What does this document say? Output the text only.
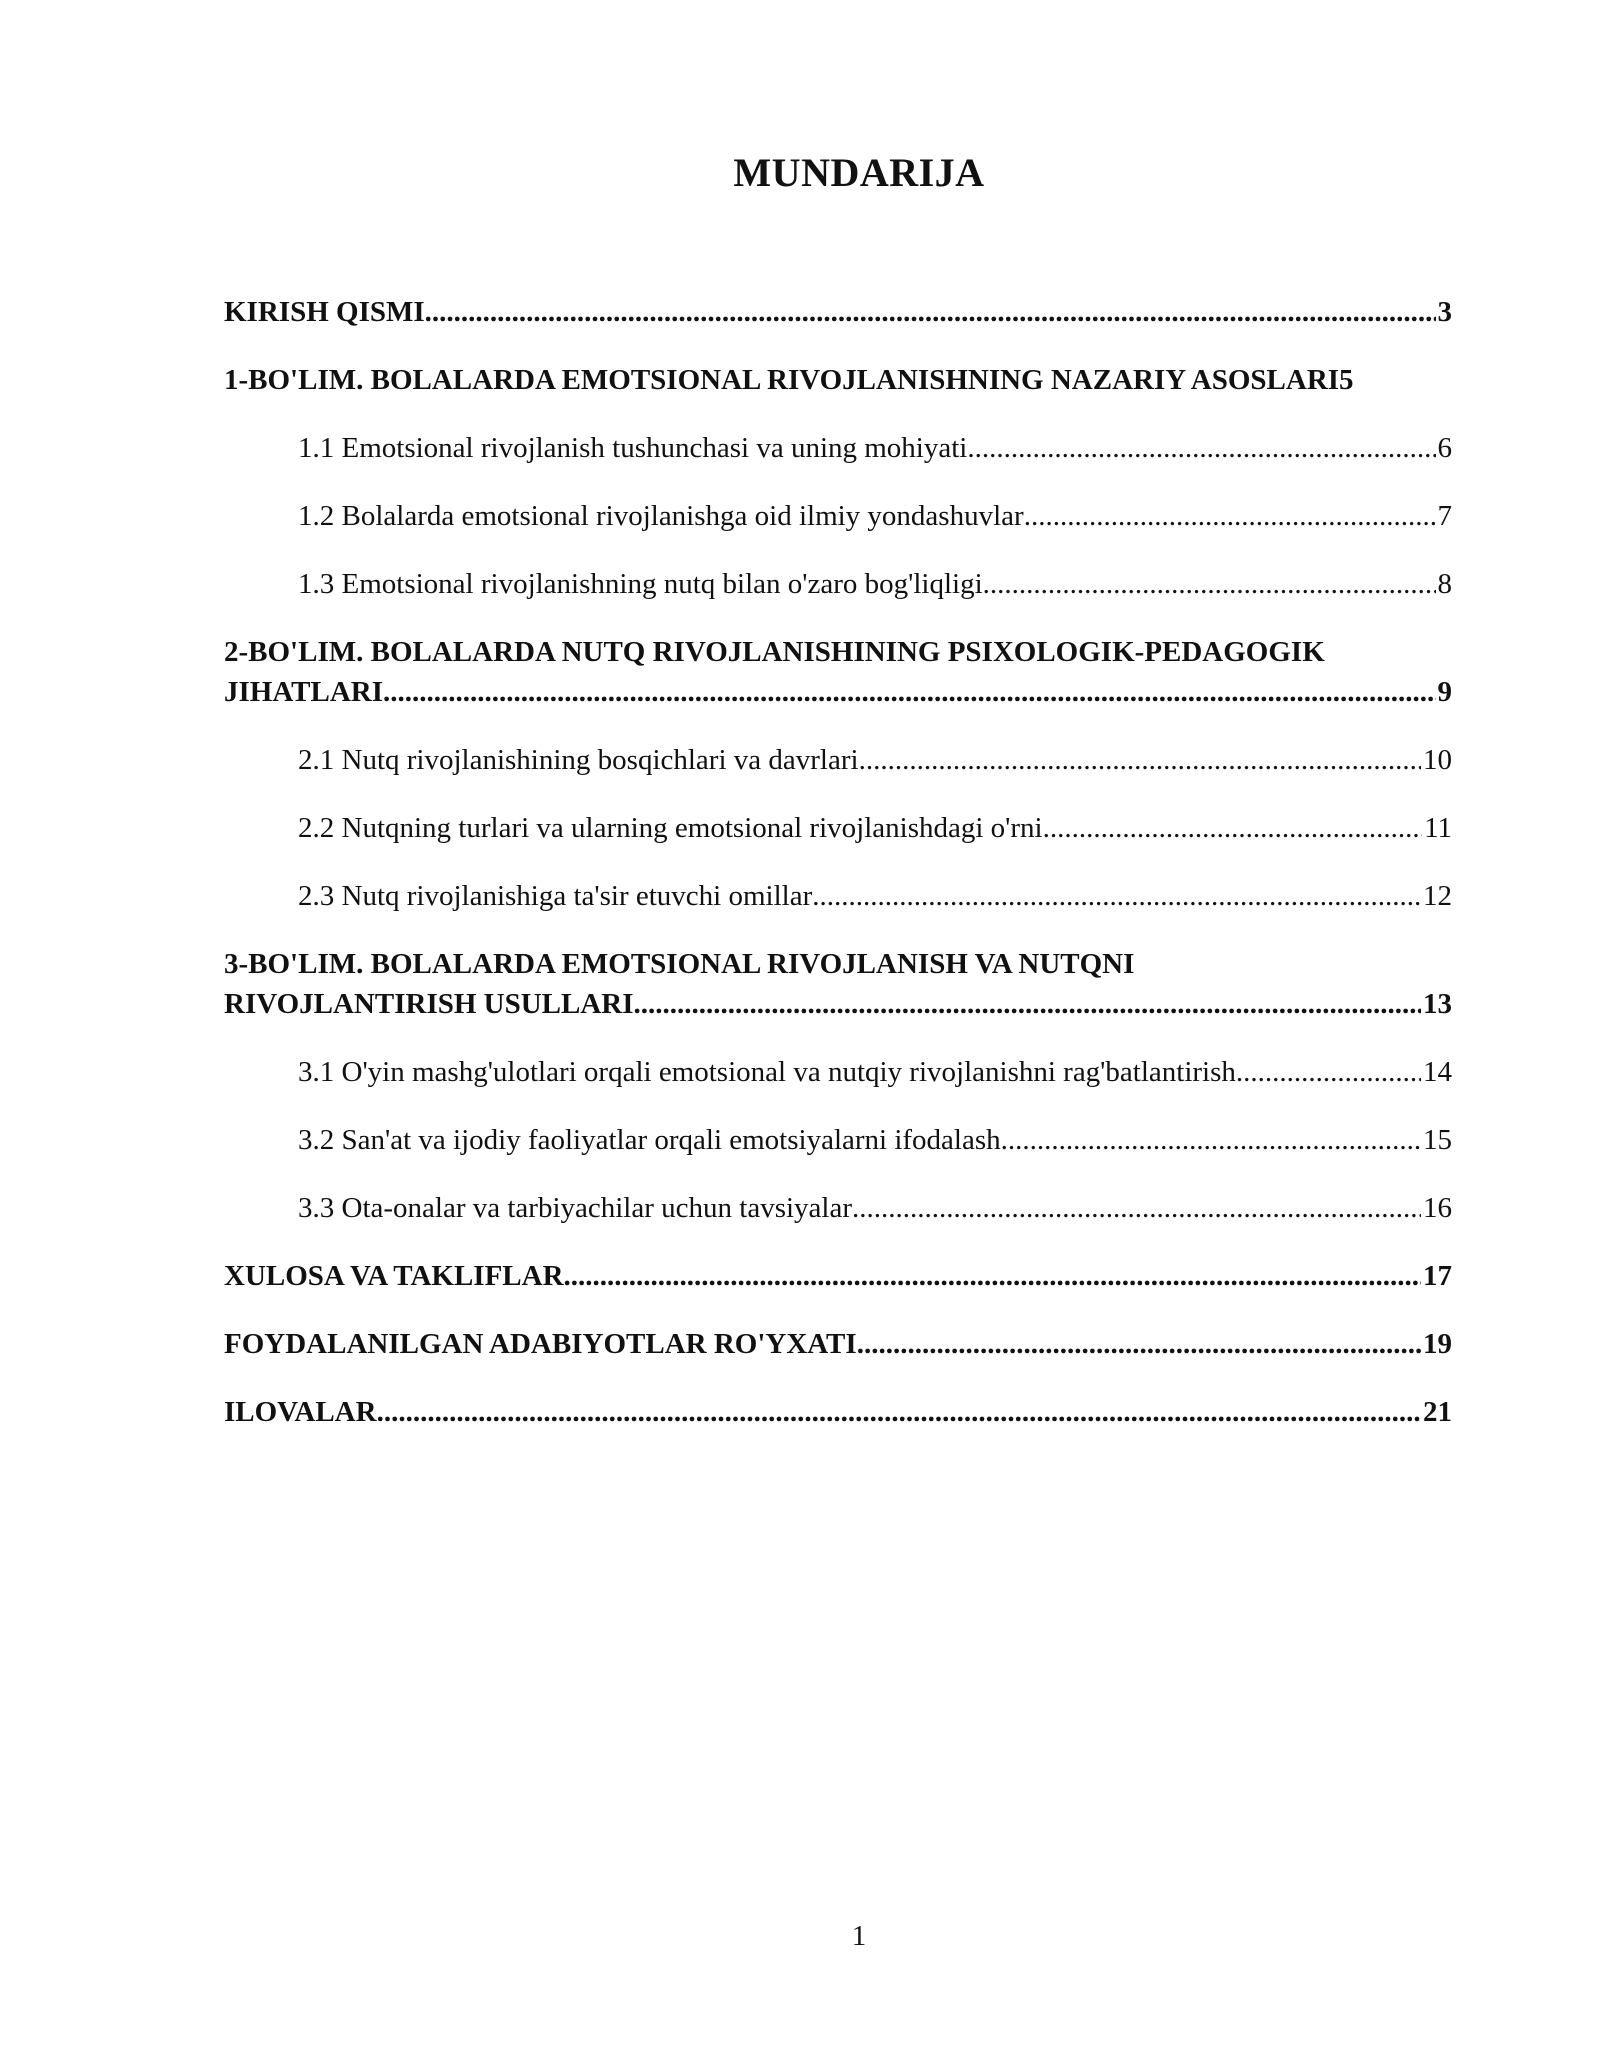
MUNDARIJA
KIRISH QISMI .....	3
1-BO'LIM. BOLALARDA EMOTSIONAL RIVOJLANISHNING NAZARIY ASOSLARI 5
1.1 Emotsional rivojlanish tushunchasi va uning mohiyati .....	6
1.2 Bolalarda emotsional rivojlanishga oid ilmiy yondashuvlar .....	7
1.3 Emotsional rivojlanishning nutq bilan o'zaro bog'liqligi .....	8
2-BO'LIM. BOLALARDA NUTQ RIVOJLANISHINING PSIXOLOGIK-PEDAGOGIK
JIHATLARI .....	9
2.1 Nutq rivojlanishining bosqichlari va davrlari .....	10
2.2 Nutqning turlari va ularning emotsional rivojlanishdagi o'rni .....	11
2.3 Nutq rivojlanishiga ta'sir etuvchi omillar .....	12
3-BO'LIM. BOLALARDA EMOTSIONAL RIVOJLANISH VA NUTQNI
RIVOJLANTIRISH USULLARI .....	13
3.1 O'yin mashg'ulotlari orqali emotsional va nutqiy rivojlanishni rag'batlantirish .....	14
3.2 San'at va ijodiy faoliyatlar orqali emotsiyalarni ifodalash .....	15
3.3 Ota-onalar va tarbiyachilar uchun tavsiyalar .....	16
XULOSA VA TAKLIFLAR .....	17
FOYDALANILGAN ADABIYOTLAR RO'YXATI .....	19
ILOVALAR .....	21
1
